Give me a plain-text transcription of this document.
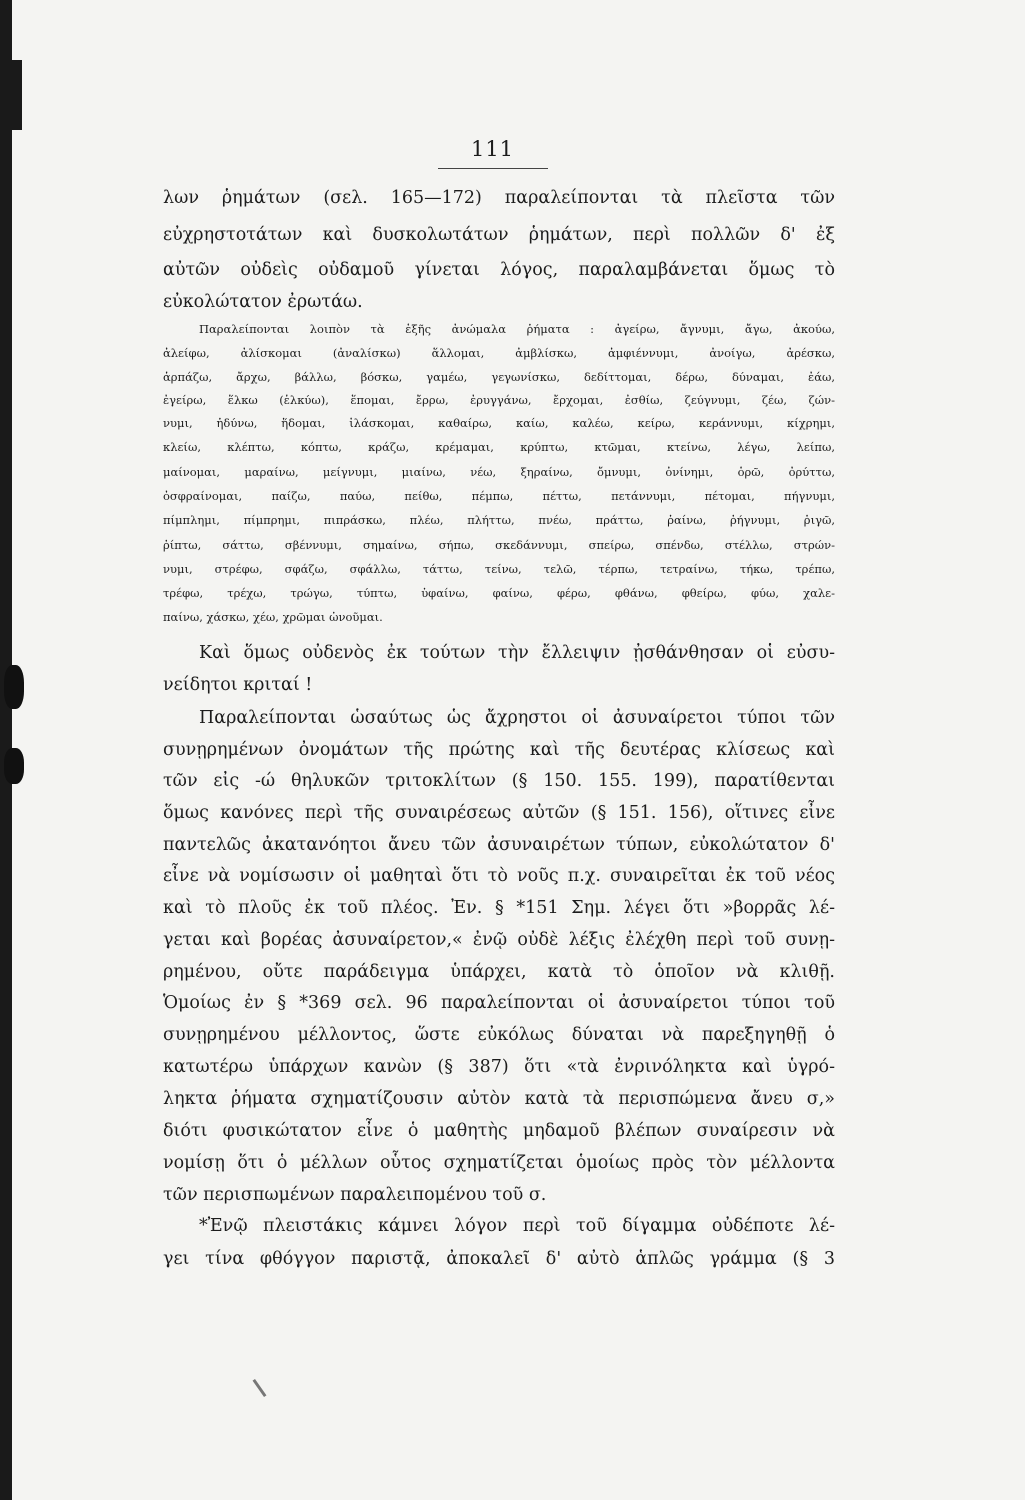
111
λων ῥημάτων (σελ. 165—172) παραλείπονται τὰ πλεῖστα τῶν
εὐχρηστοτάτων καὶ δυσκολωτάτων ῥημάτων, περὶ πολλῶν δ' ἐξ
αὐτῶν οὐδεὶς οὐδαμοῦ γίνεται λόγος, παραλαμβάνεται ὅμως τὸ
εὐκολώτατον ἐρωτάω.
Παραλείπονται λοιπὸν τὰ ἑξῆς ἀνώμαλα ῥήματα : ἀγείρω, ἄγνυμι, ἄγω, ἀκούω,
ἀλείφω, ἀλίσκομαι (ἀναλίσκω) ἅλλομαι, ἀμβλίσκω, ἀμφιέννυμι, ἀνοίγω, ἀρέσκω,
ἁρπάζω, ἄρχω, βάλλω, βόσκω, γαμέω, γεγωνίσκω, δεδίττομαι, δέρω, δύναμαι, ἐάω,
ἐγείρω, ἕλκω (ἑλκύω), ἕπομαι, ἔρρω, ἐρυγγάνω, ἔρχομαι, ἐσθίω, ζεύγνυμι, ζέω, ζών-
νυμι, ἡδύνω, ἥδομαι, ἱλάσκομαι, καθαίρω, καίω, καλέω, κείρω, κεράννυμι, κίχρημι,
κλείω, κλέπτω, κόπτω, κράζω, κρέμαμαι, κρύπτω, κτῶμαι, κτείνω, λέγω, λείπω,
μαίνομαι, μαραίνω, μείγνυμι, μιαίνω, νέω, ξηραίνω, ὄμνυμι, ὀνίνημι, ὁρῶ, ὀρύττω,
ὀσφραίνομαι, παίζω, παύω, πείθω, πέμπω, πέττω, πετάννυμι, πέτομαι, πήγνυμι,
πίμπλημι, πίμπρημι, πιπράσκω, πλέω, πλήττω, πνέω, πράττω, ῥαίνω, ῥήγνυμι, ῥιγῶ,
ῥίπτω, σάττω, σβέννυμι, σημαίνω, σήπω, σκεδάννυμι, σπείρω, σπένδω, στέλλω, στρών-
νυμι, στρέφω, σφάζω, σφάλλω, τάττω, τείνω, τελῶ, τέρπω, τετραίνω, τήκω, τρέπω,
τρέφω, τρέχω, τρώγω, τύπτω, ὑφαίνω, φαίνω, φέρω, φθάνω, φθείρω, φύω, χαλε-
παίνω, χάσκω, χέω, χρῶμαι ὠνοῦμαι.
Καὶ ὅμως οὐδενὸς ἐκ τούτων τὴν ἔλλειψιν ᾐσθάνθησαν οἱ εὐσυ-
νείδητοι κριταί !
Παραλείπονται ὡσαύτως ὡς ἄχρηστοι οἱ ἀσυναίρετοι τύποι τῶν
συνῃρημένων ὀνομάτων τῆς πρώτης καὶ τῆς δευτέρας κλίσεως καὶ
τῶν εἰς -ώ θηλυκῶν τριτοκλίτων (§ 150. 155. 199), παρατίθενται
ὅμως κανόνες περὶ τῆς συναιρέσεως αὐτῶν (§ 151. 156), οἵτινες εἶνε
παντελῶς ἀκατανόητοι ἄνευ τῶν ἀσυναιρέτων τύπων, εὐκολώτατον δ'
εἶνε νὰ νομίσωσιν οἱ μαθηταὶ ὅτι τὸ νοῦς π.χ. συναιρεῖται ἐκ τοῦ νέος
καὶ τὸ πλοῦς ἐκ τοῦ πλέος. Ἐν. § *151 Σημ. λέγει ὅτι »βορρᾶς λέ-
γεται καὶ βορέας ἀσυναίρετον,« ἐνῷ οὐδὲ λέξις ἐλέχθη περὶ τοῦ συνῃ-
ρημένου, οὔτε παράδειγμα ὑπάρχει, κατὰ τὸ ὁποῖον νὰ κλιθῇ.
Ὁμοίως ἐν § *369 σελ. 96 παραλείπονται οἱ ἀσυναίρετοι τύποι τοῦ
συνῃρημένου μέλλοντος, ὥστε εὐκόλως δύναται νὰ παρεξηγηθῇ ὁ
κατωτέρω ὑπάρχων κανὼν (§ 387) ὅτι «τὰ ἐνρινόληκτα καὶ ὑγρό-
ληκτα ῥήματα σχηματίζουσιν αὐτὸν κατὰ τὰ περισπώμενα ἄνευ σ,»
διότι φυσικώτατον εἶνε ὁ μαθητὴς μηδαμοῦ βλέπων συναίρεσιν νὰ
νομίσῃ ὅτι ὁ μέλλων οὗτος σχηματίζεται ὁμοίως πρὸς τὸν μέλλοντα
τῶν περισπωμένων παραλειπομένου τοῦ σ.
*Ἐνῷ πλειστάκις κάμνει λόγον περὶ τοῦ δίγαμμα οὐδέποτε λέ-
γει τίνα φθόγγον παριστᾷ, ἀποκαλεῖ δ' αὐτὸ ἁπλῶς γράμμα (§ 3
